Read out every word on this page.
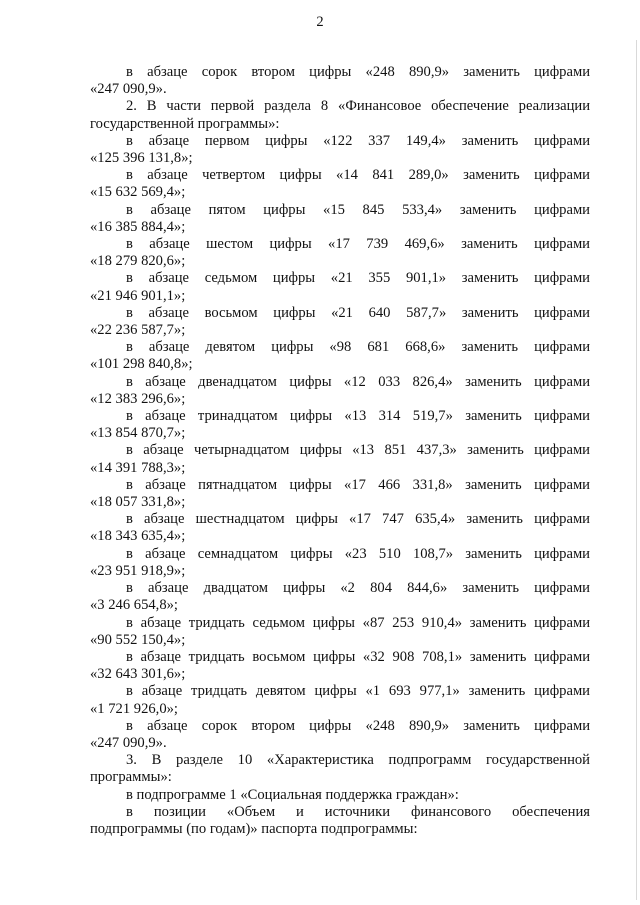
2

в абзаце сорок втором цифры «248 890,9» заменить цифрами
«247 090,9».

2. В части первой раздела 8 «Финансовое обеспечение реализации
государственной программы»:

в абзаце первом цифры «122 337 149,4» заменить цифрами
«125 396 131,8»;

в абзаце четвертом цифры «14 841 289,0» заменить цифрами
«15 632 569,4»;

в абзаце пятом цифры «15 845 533,4» заменить цифрами
«16 385 884,4»;

в абзаце шестом цифры «17 739 469,6» заменить цифрами
«18 279 820,6»;

в абзаце седьмом цифры «21 355 901,1» заменить цифрами
«21 946 901,1»;

в абзаце восьмом цифры «21 640 587,7» заменить цифрами
«22 236 587,7»;

в абзаце девятом цифры «98 681 668,6» заменить цифрами
«101 298 840,8»;

в абзаце двенадцатом цифры «12 033 826,4» заменить цифрами
«12 383 296,6»;

в абзаце тринадцатом цифры «13 314 519,7» заменить цифрами
«13 854 870,7»;

в абзаце четырнадцатом цифры «13 851 437,3» заменить цифрами
«14 391 788,3»;

в абзаце пятнадцатом цифры «17 466 331,8» заменить цифрами
«18 057 331,8»;

в абзаце шестнадцатом цифры «17 747 635,4» заменить цифрами
«18 343 635,4»;

в абзаце семнадцатом цифры «23 510 108,7» заменить цифрами
«23 951 918,9»;

в абзаце двадцатом цифры «2 804 844,6» заменить цифрами
«3 246 654,8»;

в абзаце тридцать седьмом цифры «87 253 910,4» заменить цифрами
«90 552 150,4»;

в абзаце тридцать восьмом цифры «32 908 708,1» заменить цифрами
«32 643 301,6»;

в абзаце тридцать девятом цифры «1 693 977,1» заменить цифрами
«1 721 926,0»;

в абзаце сорок втором цифры «248 890,9» заменить цифрами
«247 090,9».

3. В разделе 10 «Характеристика подпрограмм государственной
программы»:

в подпрограмме 1 «Социальная поддержка граждан»:

в позиции «Объем и источники финансового обеспечения
подпрограммы (по годам)» паспорта подпрограммы:
